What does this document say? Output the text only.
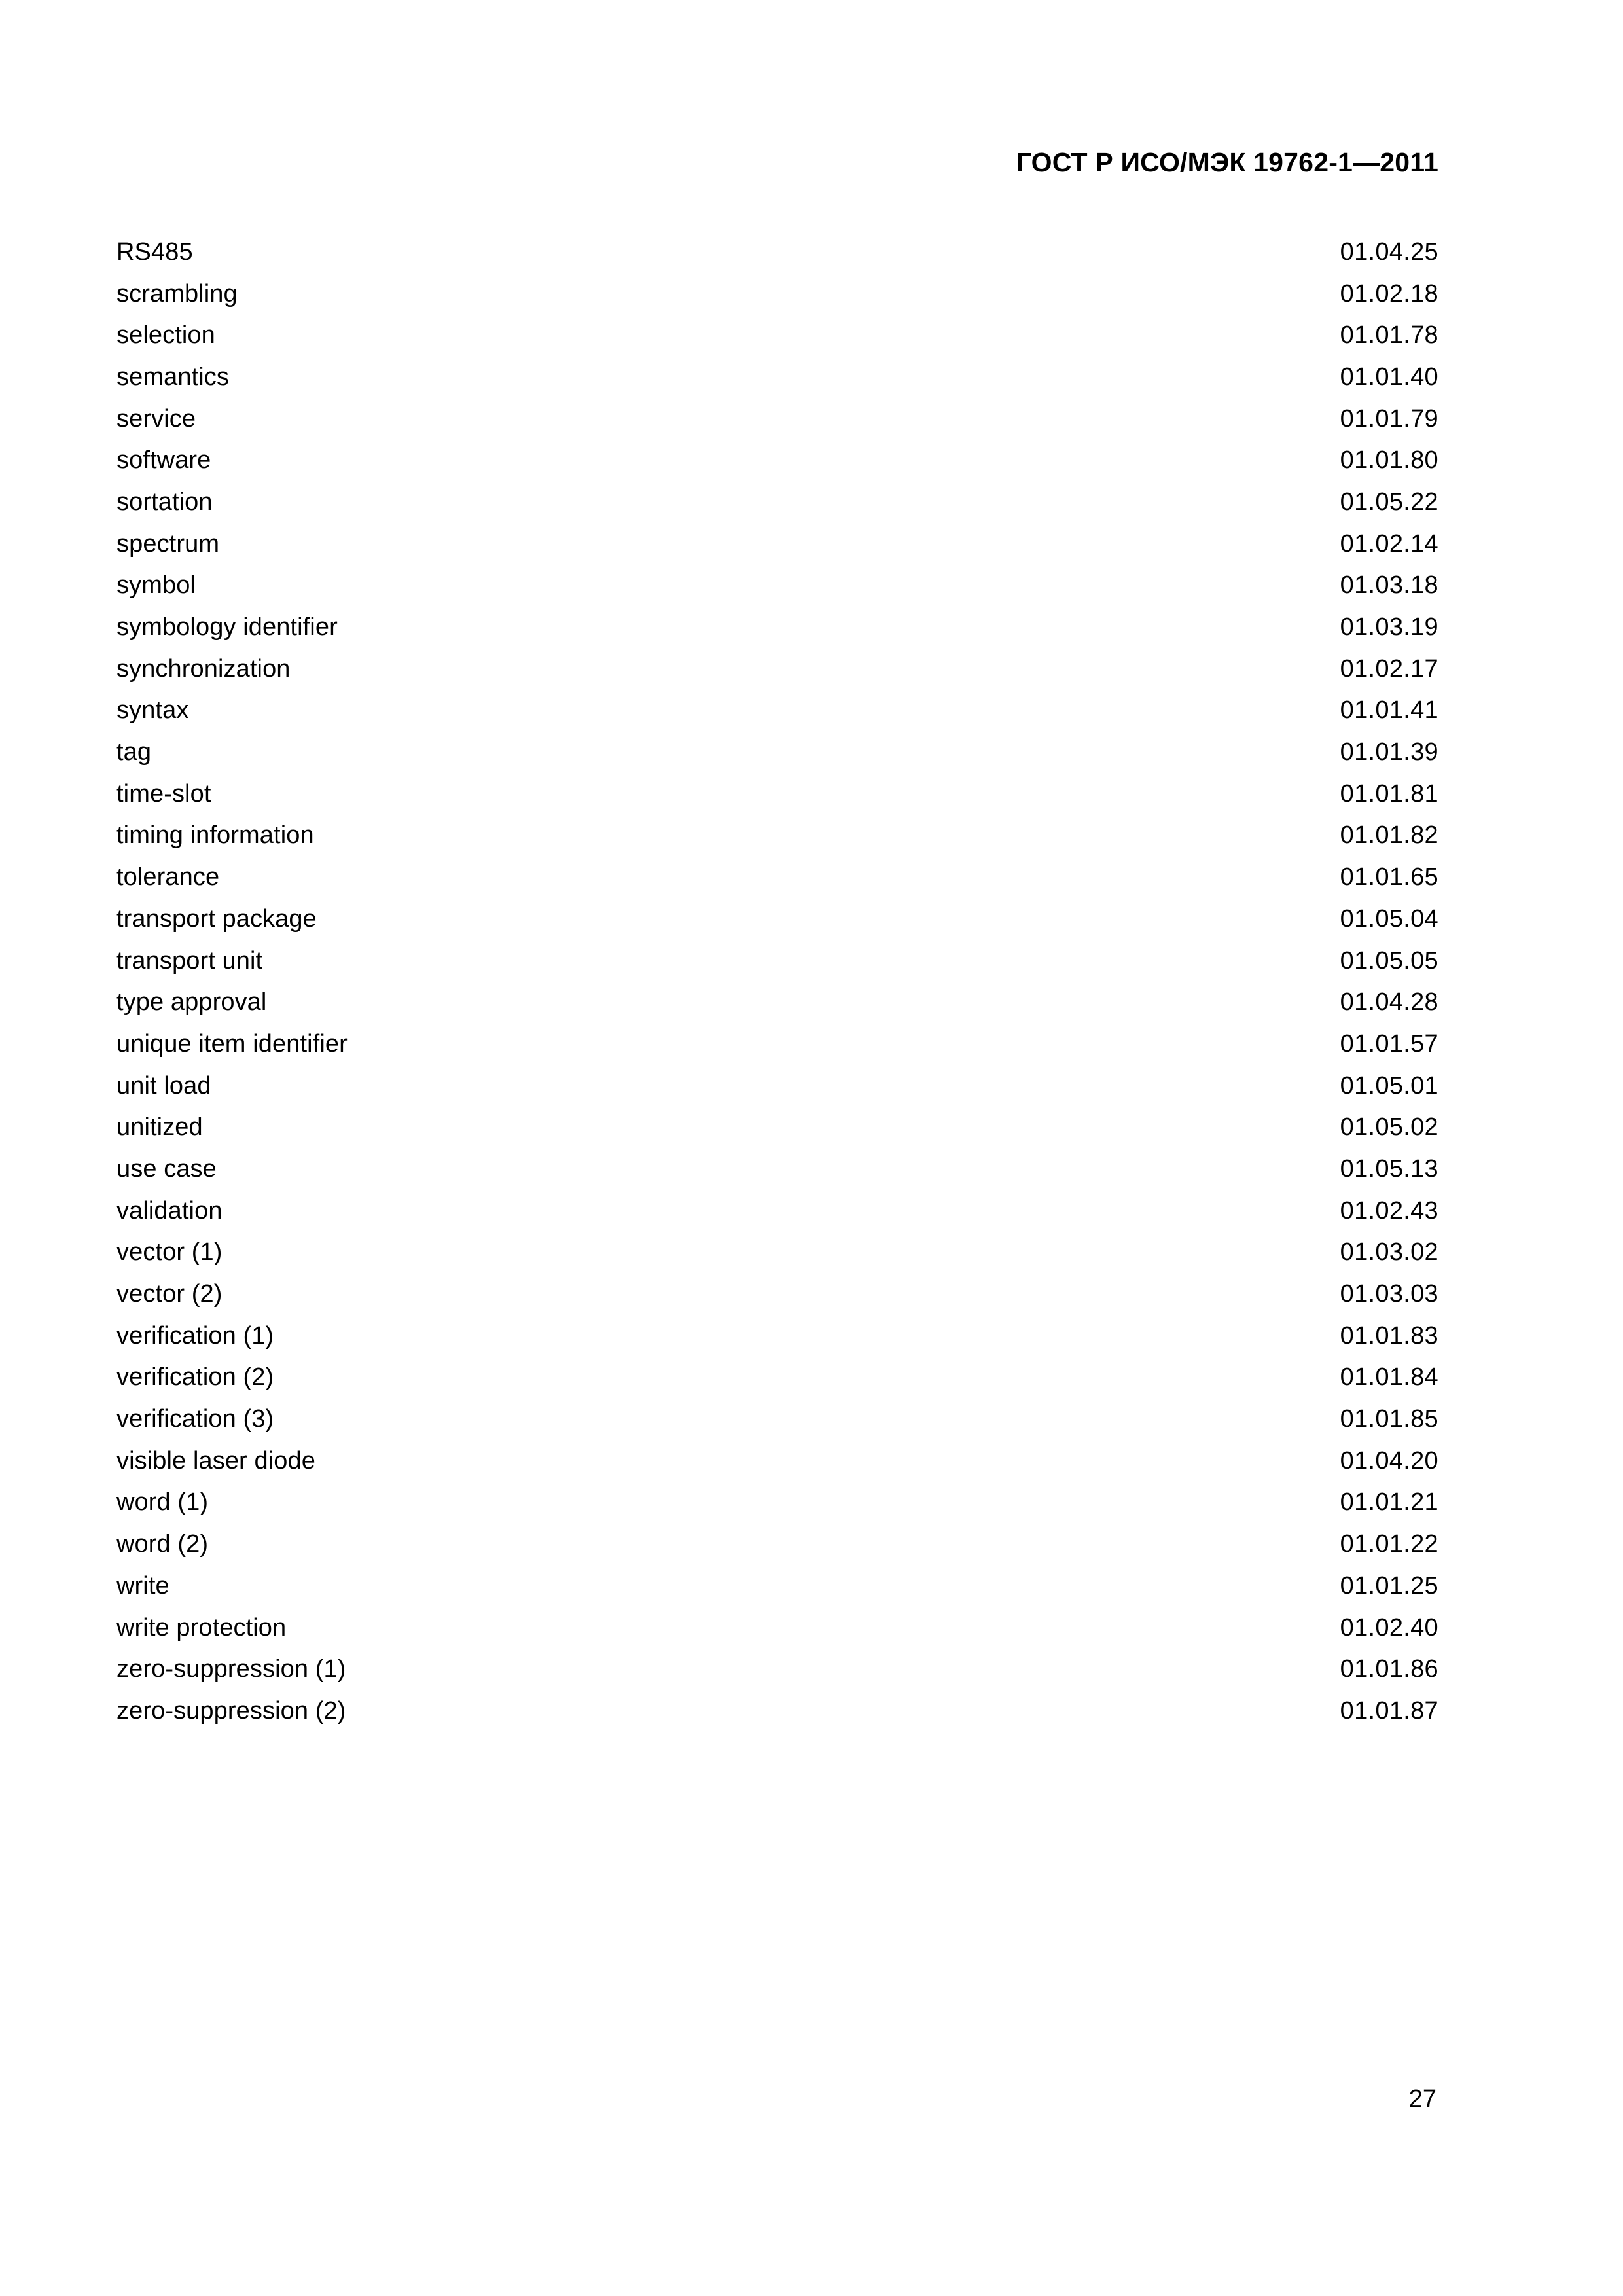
ГОСТ Р ИСО/МЭК 19762-1—2011
RS485	01.04.25
scrambling	01.02.18
selection	01.01.78
semantics	01.01.40
service	01.01.79
software	01.01.80
sortation	01.05.22
spectrum	01.02.14
symbol	01.03.18
symbology identifier	01.03.19
synchronization	01.02.17
syntax	01.01.41
tag	01.01.39
time-slot	01.01.81
timing information	01.01.82
tolerance	01.01.65
transport package	01.05.04
transport unit	01.05.05
type approval	01.04.28
unique item identifier	01.01.57
unit load	01.05.01
unitized	01.05.02
use case	01.05.13
validation	01.02.43
vector (1)	01.03.02
vector (2)	01.03.03
verification (1)	01.01.83
verification (2)	01.01.84
verification (3)	01.01.85
visible laser diode	01.04.20
word (1)	01.01.21
word (2)	01.01.22
write	01.01.25
write protection	01.02.40
zero-suppression (1)	01.01.86
zero-suppression (2)	01.01.87
27
